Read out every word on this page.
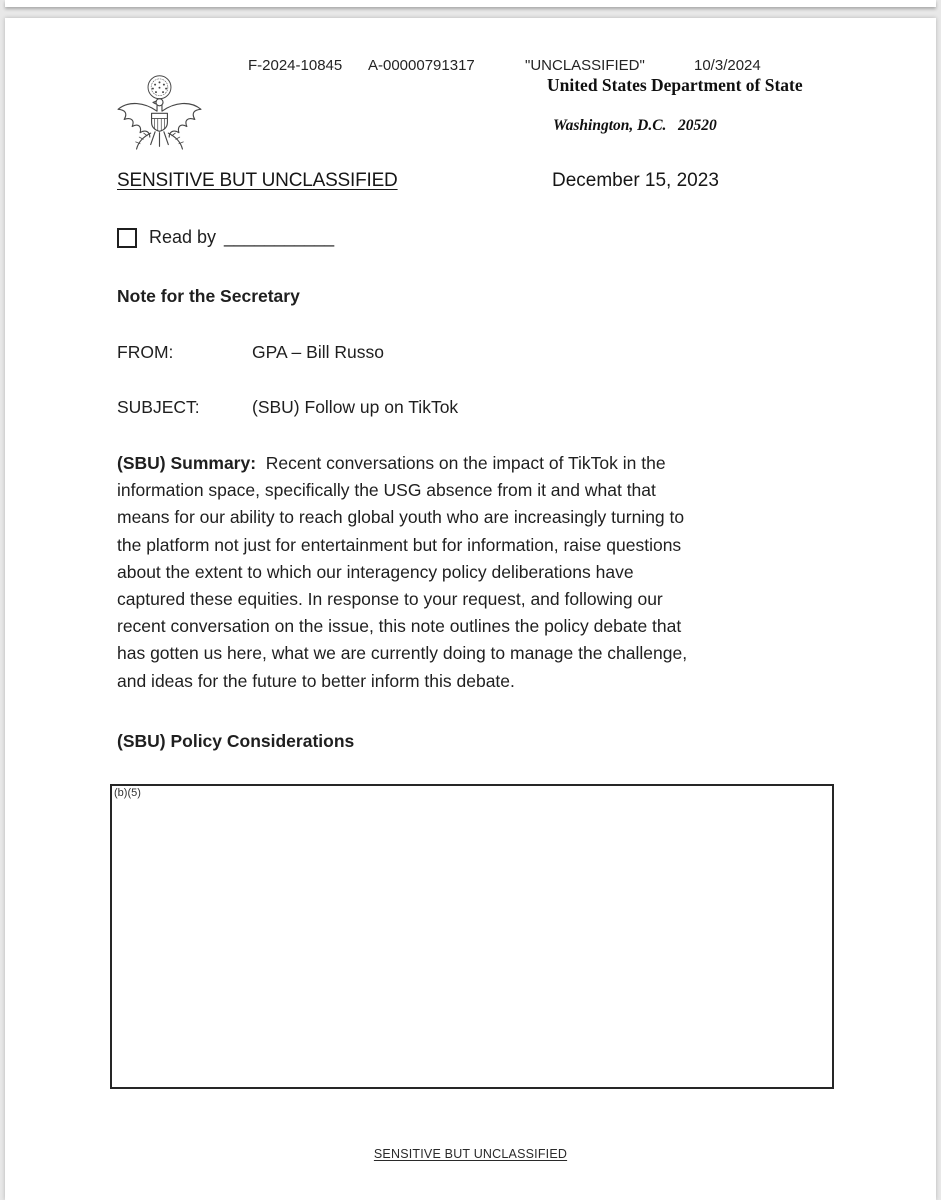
F-2024-10845 A-00000791317	"UNCLASSIFIED"	10/3/2024
United States Department of State
Washington, D.C.   20520
SENSITIVE BUT UNCLASSIFIED	December 15, 2023
Read by ___________
Note for the Secretary
FROM:	GPA – Bill Russo
SUBJECT:	(SBU) Follow up on TikTok
(SBU) Summary:  Recent conversations on the impact of TikTok in the
information space, specifically the USG absence from it and what that
means for our ability to reach global youth who are increasingly turning to
the platform not just for entertainment but for information, raise questions
about the extent to which our interagency policy deliberations have
captured these equities. In response to your request, and following our
recent conversation on the issue, this note outlines the policy debate that
has gotten us here, what we are currently doing to manage the challenge,
and ideas for the future to better inform this debate.
(SBU) Policy Considerations
(b)(5)
SENSITIVE BUT UNCLASSIFIED
